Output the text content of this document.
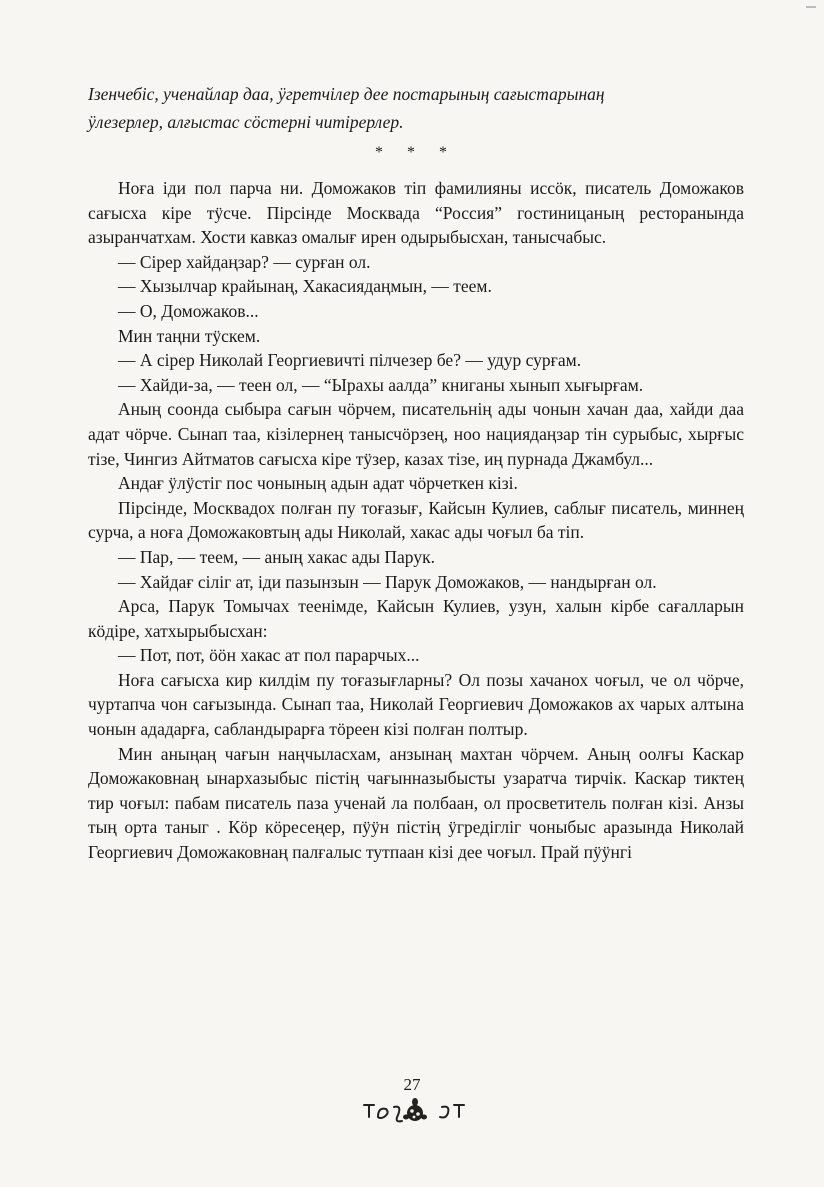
Ізенчебіс, ученайлар даа, ӱгретчілер дее постарының сағыстарынаң
ӱлезерлер, алғыстас сӧстерні читірерлер.
* * *

Ноға іди пол парча ни. Доможаков тіп фамилияны иссӧк, писатель Доможаков сағысха кіре тӱсче. Пірсінде Москвада “Россия” гостиницаның ресторанында азыранчатхам. Хости кавказ омалығ ирен одырыбысхан, танысчабыс.

— Сірер хайдаңзар? — сурған ол.

— Хызылчар крайынаң, Хакасиядаңмын, — теем.

— О, Доможаков...

Мин таңни тӱскем.

— А сірер Николай Георгиевичті пілчезер бе? — удур сурғам.

— Хайди-за, — теен ол, — “Ырахы аалда” книганы хынып хығырғам.

Аның соонда сыбыра сағын чӧрчем, писательнің ады чонын хачан даа, хайди даа адат чӧрче. Сынап таа, кізілернең танысчӧрзең, ноо нациядаңзар тін сурыбыс, хырғыс тізе, Чингиз Айтматов сағысха кіре тӱзер, казах тізе, иң пурнада Джамбул...

Андағ ӱлӱстіг пос чонының адын адат чӧрчеткен кізі.

Пірсінде, Москвадох полған пу тоғазығ, Кайсын Кулиев, саблығ писатель, миннең сурча, а ноға Доможаковтың ады Николай, хакас ады чоғыл ба тіп.

— Пар, — теем, — аның хакас ады Парук.

— Хайдағ сіліг ат, іди пазынзын — Парук Доможаков, — нандырған ол.

Арса, Парук Томычах теенімде, Кайсын Кулиев, узун, халын кірбе сағалларын кӧдіре, хатхырыбысхан:

— Пот, пот, ӧӧн хакас ат пол парарчых...

Ноға сағысха кир килдім пу тоғазығларны? Ол позы хачанох чоғыл, че ол чӧрче, чуртапча чон сағызында. Сынап таа, Николай Георгиевич Доможаков ах чарых алтына чонын ададарға, сабландырарға тӧреен кізі полған полтыр.

Мин аныңаң чағын наңчыласхам, анзынаң махтан чӧрчем. Аның оолғы Каскар Доможаковнаң ынархазыбыс пістің чағынназыбысты узаратча тирчік. Каскар тиктең тир чоғыл: пабам писатель паза ученай ла полбаан, ол просветитель полған кізі. Анзы тың орта таныг . Кӧр кӧресеңер, пӱӱн пістің ӱгредіглiг чоныбыс аразында Николай Георгиевич Доможаковнаң палғалыс тутпаан кізі дее чоғыл. Прай пӱӱнгі

27
